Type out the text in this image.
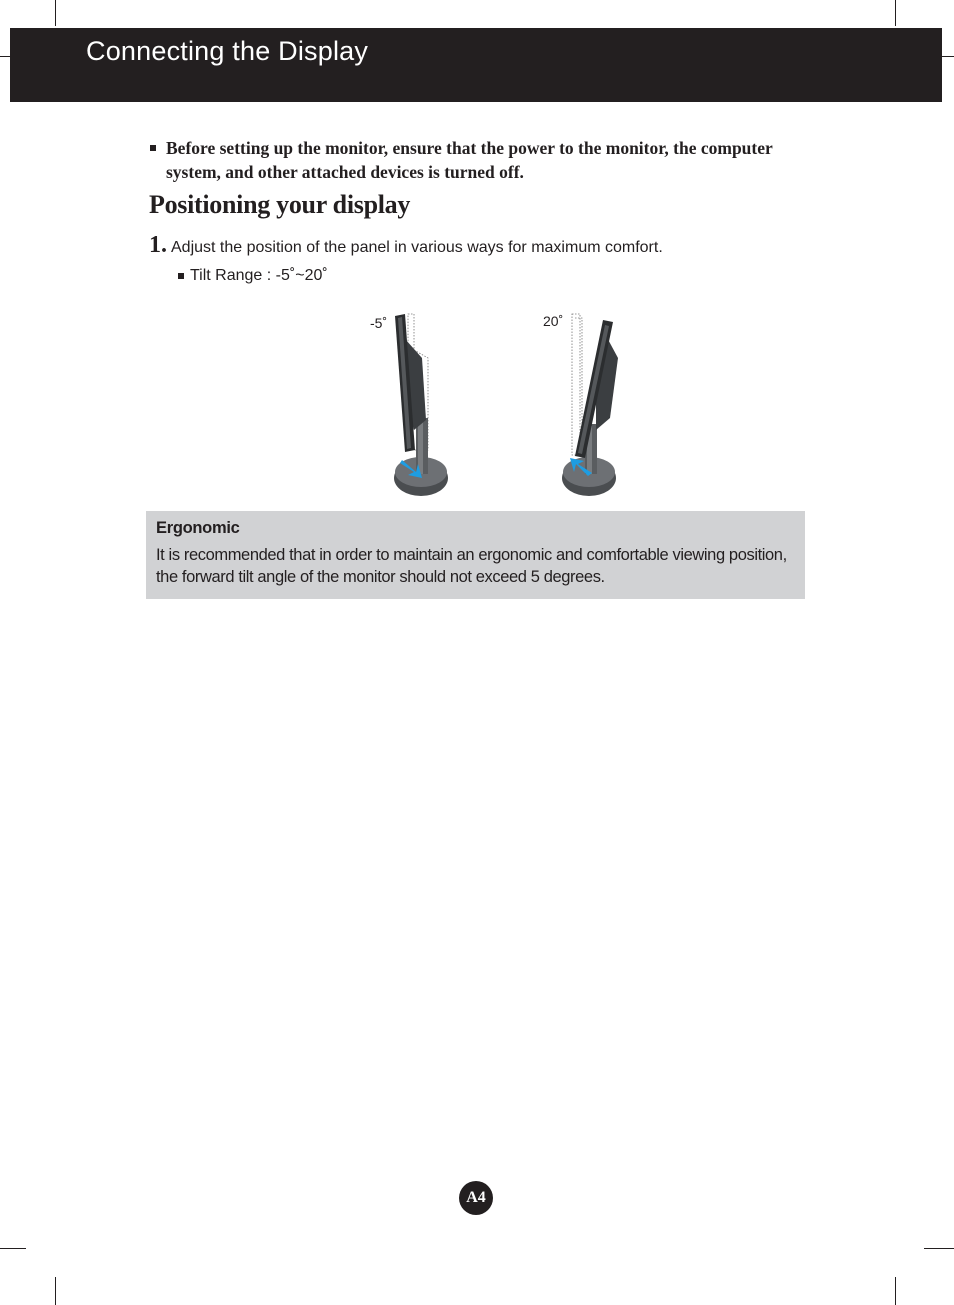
Connecting the Display
Before setting up the monitor, ensure that the power to the monitor, the computer system, and other attached devices is turned off.
Positioning your display
1. Adjust the position of the panel in various ways for maximum comfort.
Tilt Range : -5˚~20˚
-5˚	20˚
Ergonomic
It is recommended that in order to maintain an ergonomic and comfortable viewing position, the forward tilt angle of the monitor should not exceed 5 degrees.
A4
